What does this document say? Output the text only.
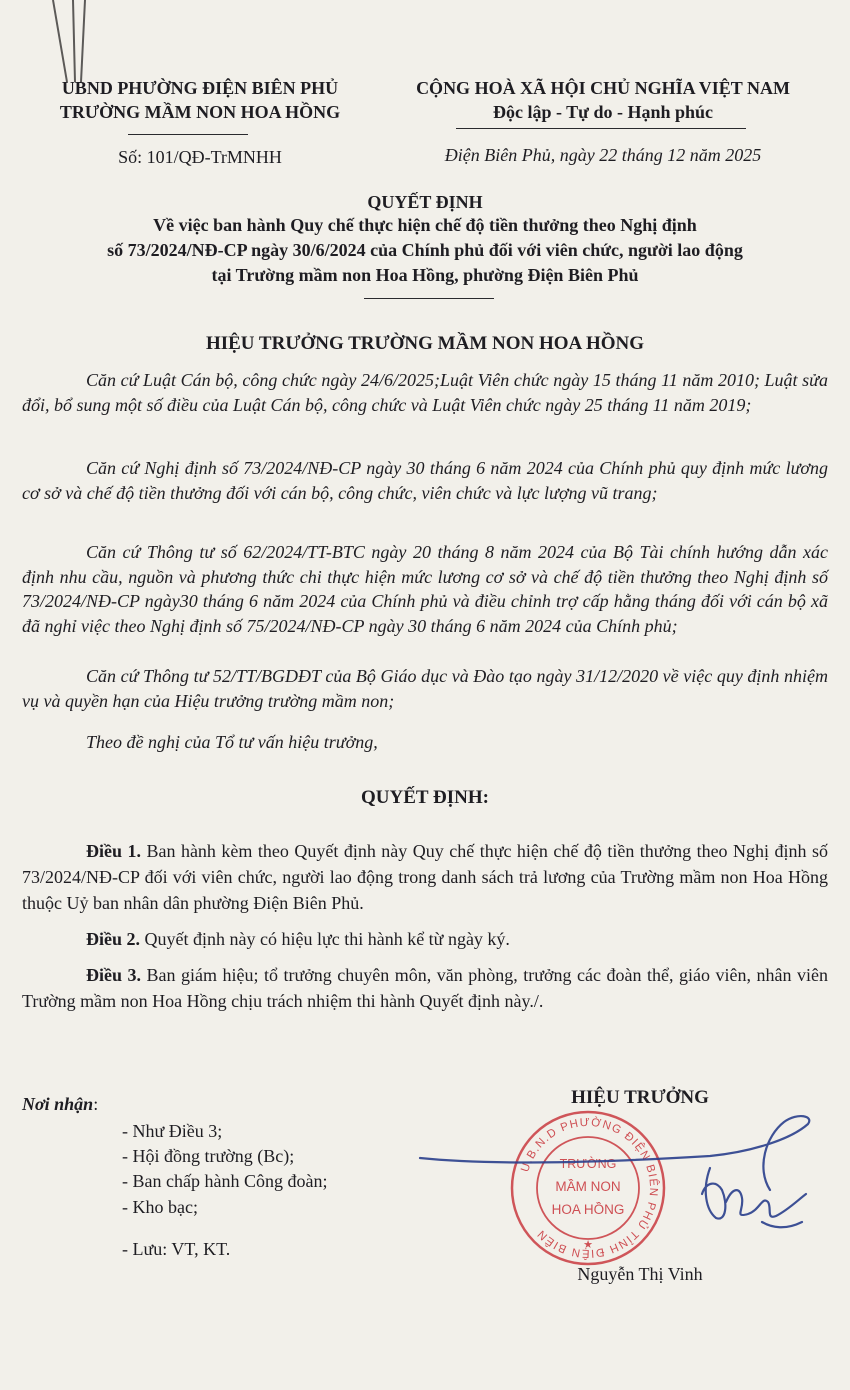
UBND PHƯỜNG ĐIỆN BIÊN PHỦ
TRƯỜNG MẦM NON HOA HỒNG
Số: 101/QĐ-TrMNHH
CỘNG HOÀ XÃ HỘI CHỦ NGHĨA VIỆT NAM
Độc lập - Tự do - Hạnh phúc
Điện Biên Phủ, ngày 22 tháng 12 năm 2025
QUYẾT ĐỊNH
Về việc ban hành Quy chế thực hiện chế độ tiền thưởng theo Nghị định
số 73/2024/NĐ-CP ngày 30/6/2024 của Chính phủ đối với viên chức, người lao động
tại Trường mầm non Hoa Hồng, phường Điện Biên Phủ
HIỆU TRƯỞNG TRƯỜNG MẦM NON HOA HỒNG
Căn cứ Luật Cán bộ, công chức ngày 24/6/2025;Luật Viên chức ngày 15 tháng 11 năm 2010; Luật sửa đổi, bổ sung một số điều của Luật Cán bộ, công chức và Luật Viên chức ngày 25 tháng 11 năm 2019;
Căn cứ Nghị định số 73/2024/NĐ-CP ngày 30 tháng 6 năm 2024 của Chính phủ quy định mức lương cơ sở và chế độ tiền thưởng đối với cán bộ, công chức, viên chức và lực lượng vũ trang;
Căn cứ Thông tư số 62/2024/TT-BTC ngày 20 tháng 8 năm 2024 của Bộ Tài chính hướng dẫn xác định nhu cầu, nguồn và phương thức chi thực hiện mức lương cơ sở và chế độ tiền thưởng theo Nghị định số 73/2024/NĐ-CP ngày30 tháng 6 năm 2024 của Chính phủ và điều chỉnh trợ cấp hằng tháng đối với cán bộ xã đã nghỉ việc theo Nghị định số 75/2024/NĐ-CP ngày 30 tháng 6 năm 2024 của Chính phủ;
Căn cứ Thông tư 52/TT/BGDĐT của Bộ Giáo dục và Đào tạo ngày 31/12/2020 về việc quy định nhiệm vụ và quyền hạn của Hiệu trưởng trường mầm non;
Theo đề nghị của Tổ tư vấn hiệu trưởng,
QUYẾT ĐỊNH:
Điều 1. Ban hành kèm theo Quyết định này Quy chế thực hiện chế độ tiền thưởng theo Nghị định số 73/2024/NĐ-CP đối với viên chức, người lao động trong danh sách trả lương của Trường mầm non Hoa Hồng thuộc Uỷ ban nhân dân phường Điện Biên Phủ.
Điều 2. Quyết định này có hiệu lực thi hành kể từ ngày ký.
Điều 3. Ban giám hiệu; tổ trưởng chuyên môn, văn phòng, trưởng các đoàn thể, giáo viên, nhân viên Trường mầm non Hoa Hồng chịu trách nhiệm thi hành Quyết định này./.
Nơi nhận:
- Như Điều 3;
- Hội đồng trường (Bc);
- Ban chấp hành Công đoàn;
- Kho bạc;
- Lưu: VT, KT.
HIỆU TRƯỞNG
U.B.N.D PHƯỜNG ĐIỆN BIÊN PHỦ TỈNH ĐIỆN BIÊN
TRƯỜNG
MẦM NON
HOA HỒNG
★
Nguyễn Thị Vinh
